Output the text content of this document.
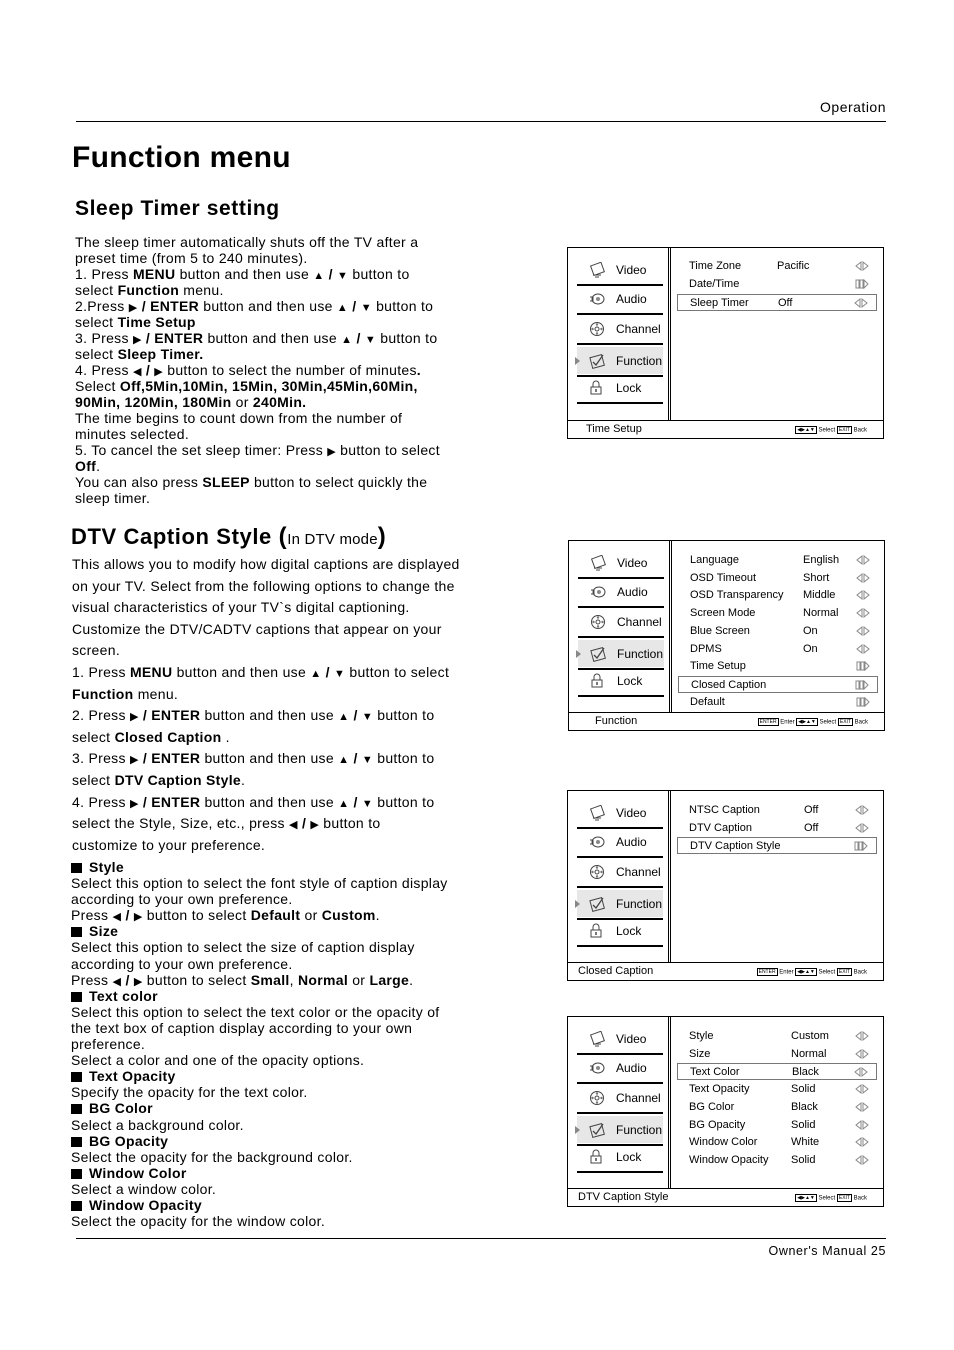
Operation
Function menu
Sleep Timer setting
The sleep timer automatically shuts off the TV after a
preset time (from 5 to 240 minutes).
1. Press MENU button and then use ▲ / ▼ button to
select Function menu.
2.Press ▶ / ENTER button and then use ▲ / ▼ button to
select Time Setup
3. Press ▶ / ENTER button and then use ▲ / ▼ button to
select Sleep Timer.
4. Press ◀ / ▶ button to select the number of minutes.
Select Off,5Min,10Min, 15Min, 30Min,45Min,60Min,
90Min, 120Min, 180Min or 240Min.
The time begins to count down from the number of
minutes selected.
5. To cancel the set sleep timer: Press ▶ button to select
Off.
You can also press SLEEP button to select quickly the
sleep timer.
DTV Caption Style (In DTV mode)
This allows you to modify how digital captions are displayed
on your TV. Select from the following options to change the
visual characteristics of your TV`s digital captioning.
Customize the DTV/CADTV captions that appear on your
screen.
1. Press MENU button and then use ▲ / ▼ button to select
Function menu.
2. Press ▶ / ENTER button and then use ▲ / ▼ button to
select Closed Caption .
3. Press ▶ / ENTER button and then use ▲ / ▼ button to
select DTV Caption Style.
4. Press ▶ / ENTER button and then use ▲ / ▼ button to
select the Style, Size, etc., press ◀ / ▶ button to
customize to your preference.
Style
Select this option to select the font style of caption display
according to your own preference.
Press ◀ / ▶ button to select Default or Custom.
Size
Select this option to select the size of caption display
according to your own preference.
Press ◀ / ▶ button to select Small, Normal or Large.
Text color
Select this option to select the text color or the opacity of
the text box of caption display according to your own
preference.
Select a color and one of the opacity options.
Text Opacity
Specify the opacity for the text color.
BG Color
Select a background color.
BG Opacity
Select the opacity for the background color.
Window Color
Select a window color.
Window Opacity
Select the opacity for the window color.
Video
Audio
Channel
Function
Lock
Time Zone	Pacific
Date/Time
Sleep Timer	Off
Time Setup	◀▶▲▼ Select EXIT Back
Video
Audio
Channel
Function
Lock
Language	English
OSD Timeout	Short
OSD Transparency Middle
Screen Mode	Normal
Blue Screen	On
DPMS	On
Time Setup
Closed Caption
Default
Function	ENTER Enter ◀▶▲▼ Select EXIT Back
Video
Audio
Channel
Function
Lock
NTSC Caption	Off
DTV Caption	Off
DTV Caption Style
Closed Caption	ENTER Enter ◀▶▲▼ Select EXIT Back
Video
Audio
Channel
Function
Lock
Style	Custom
Size	Normal
Text Color	Black
Text Opacity	Solid
BG Color	Black
BG Opacity	Solid
Window Color	White
Window Opacity Solid
DTV Caption Style	◀▶▲▼ Select EXIT Back
Owner's Manual 25
